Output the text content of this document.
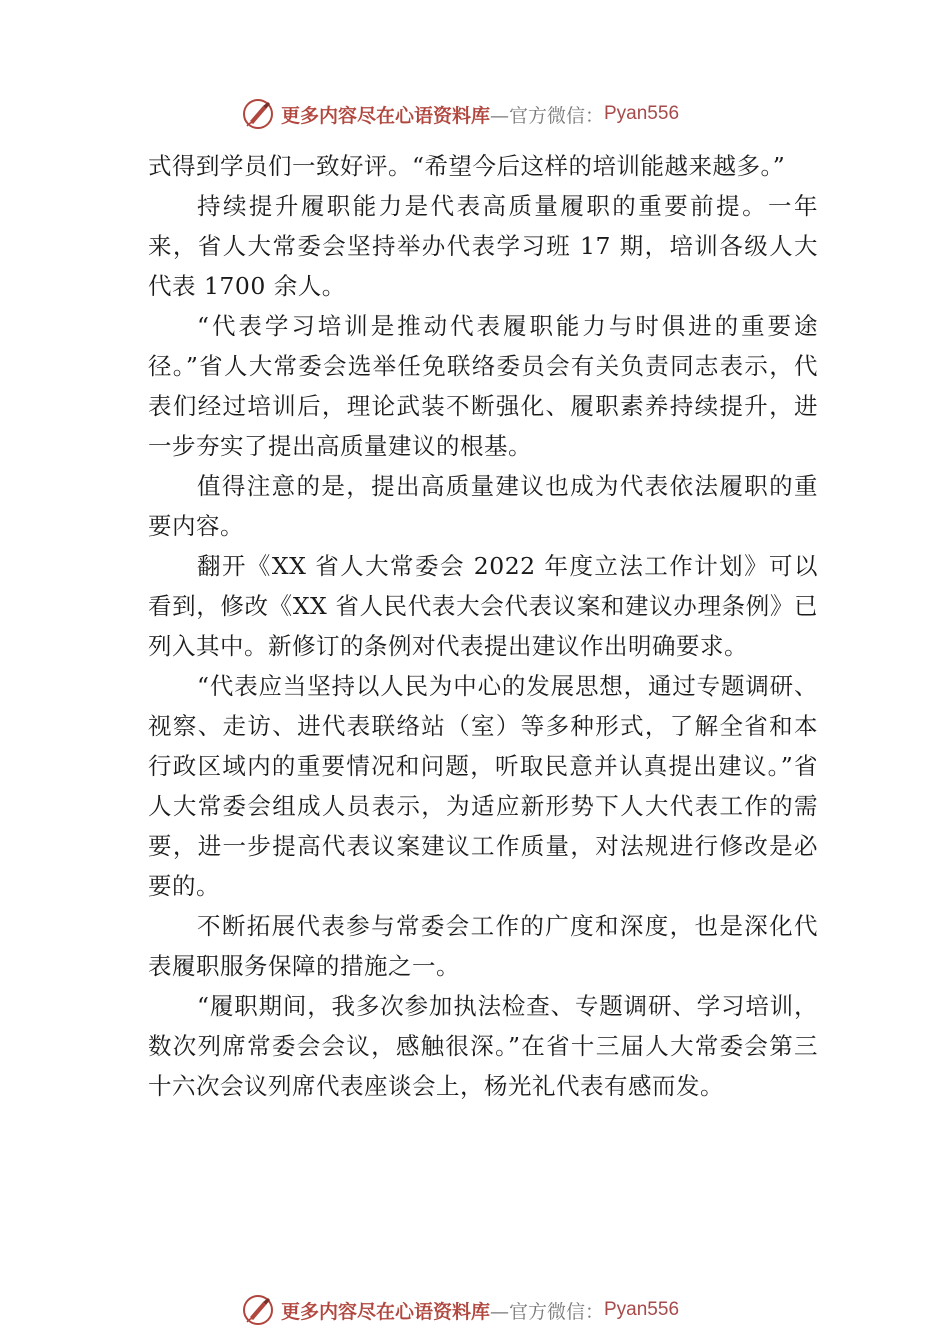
更多内容尽在心语资料库 —官方微信： Pyan556

式得到学员们一致好评。“希望今后这样的培训能越来越多。”

持续提升履职能力是代表高质量履职的重要前提。一年来，省人大常委会坚持举办代表学习班 17 期，培训各级人大代表 1700 余人。

“代表学习培训是推动代表履职能力与时俱进的重要途径。”省人大常委会选举任免联络委员会有关负责同志表示，代表们经过培训后，理论武装不断强化、履职素养持续提升，进一步夯实了提出高质量建议的根基。

值得注意的是，提出高质量建议也成为代表依法履职的重要内容。

翻开《XX 省人大常委会 2022 年度立法工作计划》可以看到，修改《XX 省人民代表大会代表议案和建议办理条例》已列入其中。新修订的条例对代表提出建议作出明确要求。

“代表应当坚持以人民为中心的发展思想，通过专题调研、视察、走访、进代表联络站（室）等多种形式，了解全省和本行政区域内的重要情况和问题，听取民意并认真提出建议。”省人大常委会组成人员表示，为适应新形势下人大代表工作的需要，进一步提高代表议案建议工作质量，对法规进行修改是必要的。

不断拓展代表参与常委会工作的广度和深度，也是深化代表履职服务保障的措施之一。

“履职期间，我多次参加执法检查、专题调研、学习培训，数次列席常委会会议，感触很深。”在省十三届人大常委会第三十六次会议列席代表座谈会上，杨光礼代表有感而发。

更多内容尽在心语资料库 —官方微信： Pyan556
